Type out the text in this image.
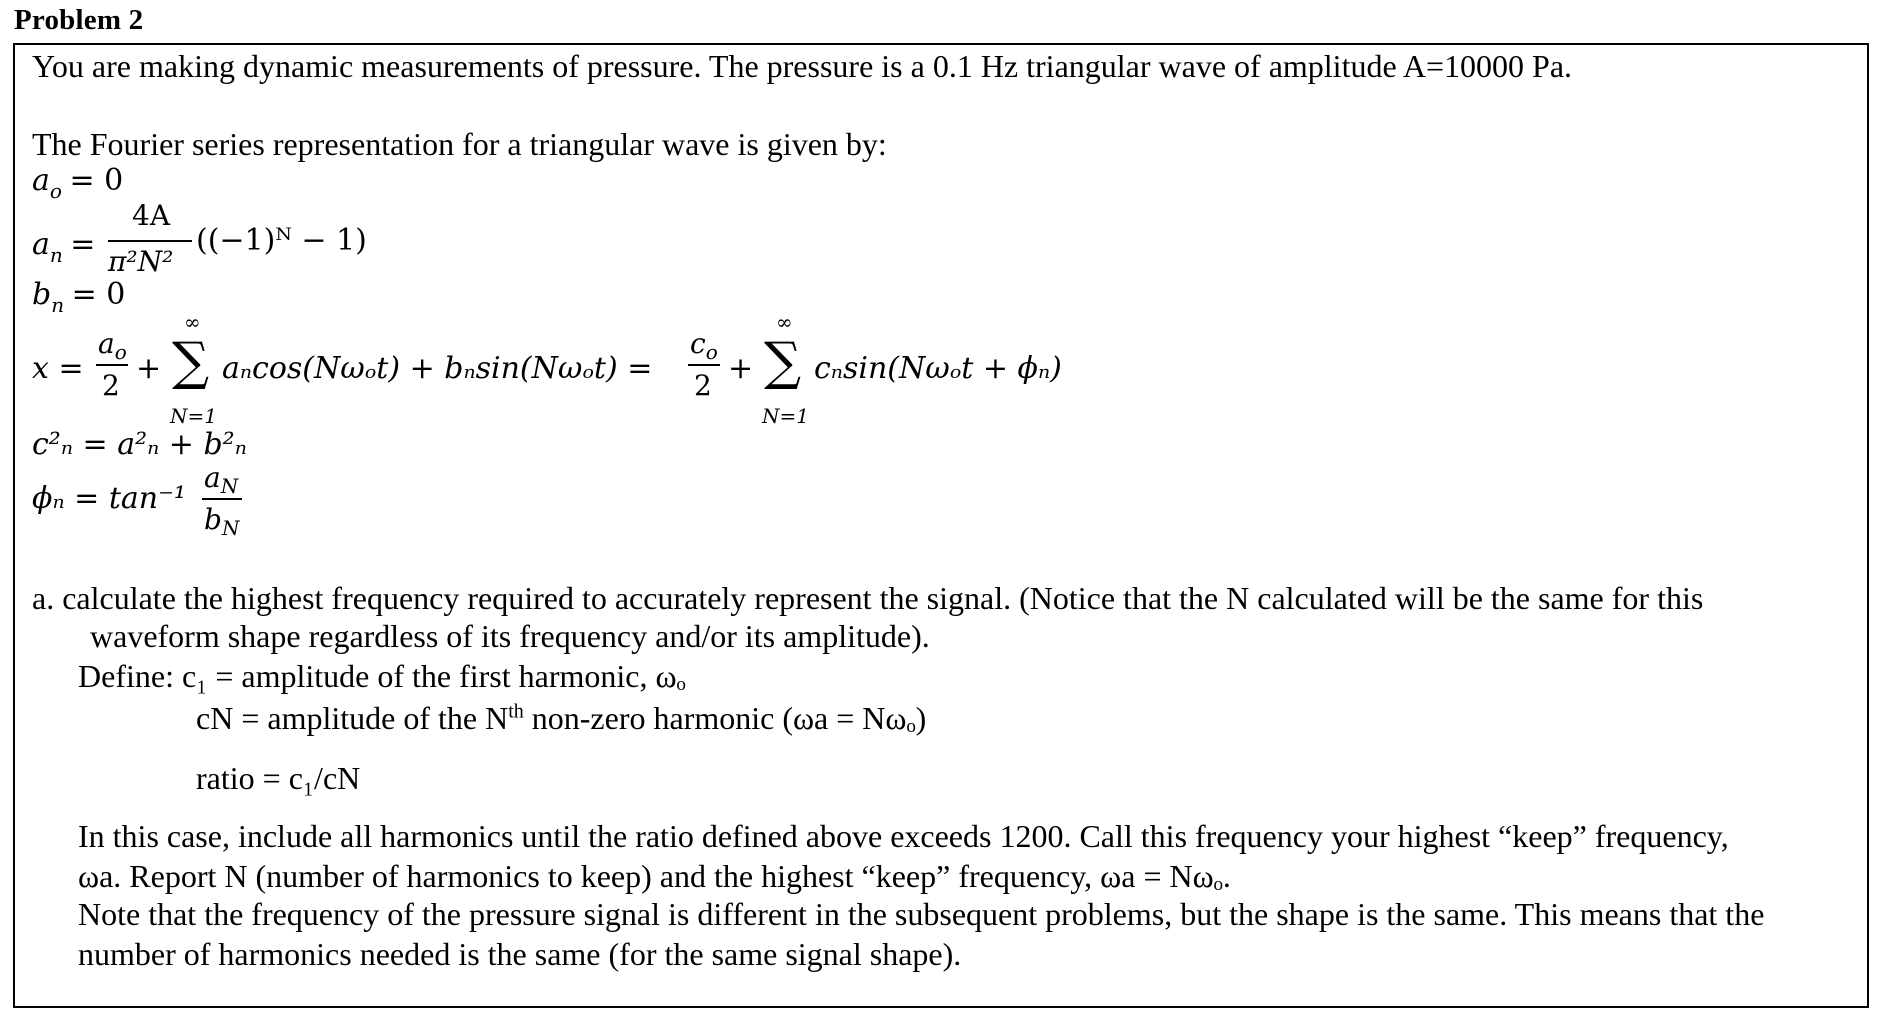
Problem 2
You are making dynamic measurements of pressure. The pressure is a 0.1 Hz triangular wave of amplitude A=10000 Pa.
The Fourier series representation for a triangular wave is given by:
$a_o = 0$
$a_n$ =
4A
π²N²
((−1)ᴺ − 1)
$b_n = 0$
x =
$a_o$
2 +
∞
∑
N=1
aₙcos(Nωₒt) + bₙsin(Nωₒt) =
$c_o$
2 +
∞
∑
N=1
cₙsin(Nωₒt + ϕₙ)
c²ₙ = a²ₙ + b²ₙ
ϕₙ = tan⁻¹
$a_N$
$b_N$
a. calculate the highest frequency required to accurately represent the signal. (Notice that the N calculated will be the same for this
waveform shape regardless of its frequency and/or its amplitude).
Define: c₁ = amplitude of the first harmonic, ωₒ
cN = amplitude of the $N^{th}$ non-zero harmonic (ωa = Nωₒ)
ratio = c₁/cN
In this case, include all harmonics until the ratio defined above exceeds 1200. Call this frequency your highest “keep” frequency,
ωa. Report N (number of harmonics to keep) and the highest “keep” frequency, ωa = Nωₒ.
Note that the frequency of the pressure signal is different in the subsequent problems, but the shape is the same. This means that the
number of harmonics needed is the same (for the same signal shape).
